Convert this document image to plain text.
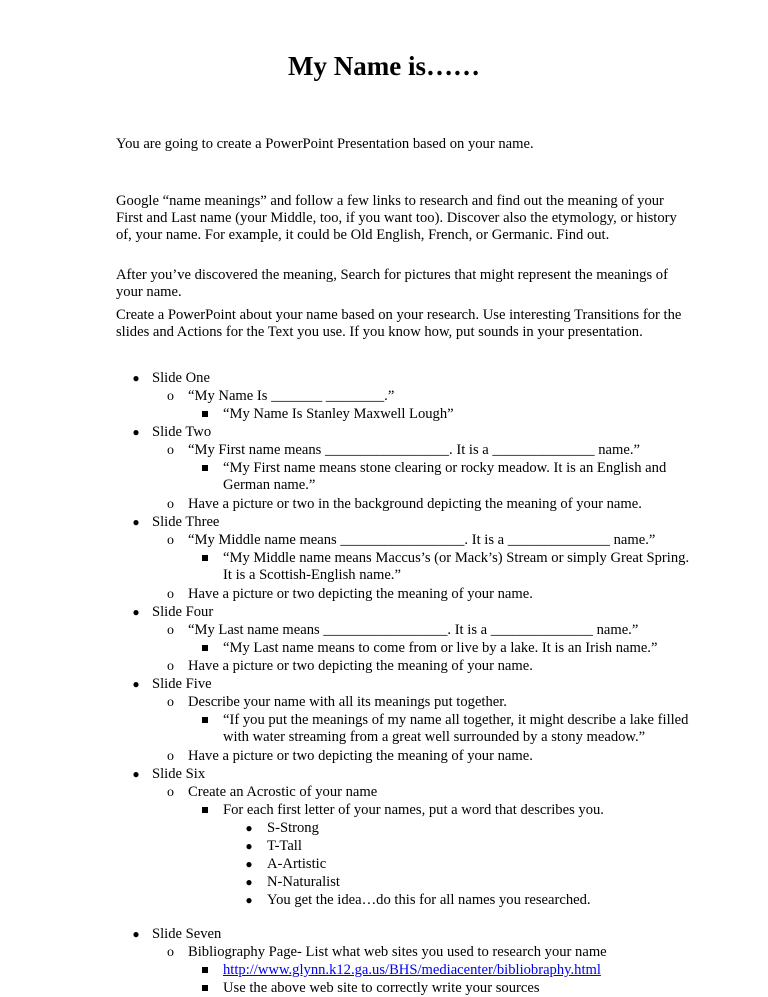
My Name is……

You are going to create a PowerPoint Presentation based on your name.

Google “name meanings” and follow a few links to research and find out the meaning of your First and Last name (your Middle, too, if you want too). Discover also the etymology, or history of, your name. For example, it could be Old English, French, or Germanic. Find out.

After you’ve discovered the meaning, Search for pictures that might represent the meanings of your name.

Create a PowerPoint about your name based on your research. Use interesting Transitions for the slides and Actions for the Text you use. If you know how, put sounds in your presentation.

● Slide One
o “My Name Is _______ ________.”
“My Name Is Stanley Maxwell Lough”
● Slide Two
o “My First name means _________________. It is a ______________ name.”
“My First name means stone clearing or rocky meadow. It is an English and German name.”
o Have a picture or two in the background depicting the meaning of your name.
● Slide Three
o “My Middle name means _________________. It is a ______________ name.”
“My Middle name means Maccus’s (or Mack’s) Stream or simply Great Spring. It is a Scottish-English name.”
o Have a picture or two depicting the meaning of your name.
● Slide Four
o “My Last name means _________________. It is a ______________ name.”
“My Last name means to come from or live by a lake. It is an Irish name.”
o Have a picture or two depicting the meaning of your name.
● Slide Five
o Describe your name with all its meanings put together.
“If you put the meanings of my name all together, it might describe a lake filled with water streaming from a great well surrounded by a stony meadow.”
o Have a picture or two depicting the meaning of your name.
● Slide Six
o Create an Acrostic of your name
For each first letter of your names, put a word that describes you.
● S-Strong
● T-Tall
● A-Artistic
● N-Naturalist
● You get the idea…do this for all names you researched.
● Slide Seven
o Bibliography Page- List what web sites you used to research your name
http://www.glynn.k12.ga.us/BHS/mediacenter/bibliobraphy.html
Use the above web site to correctly write your sources
